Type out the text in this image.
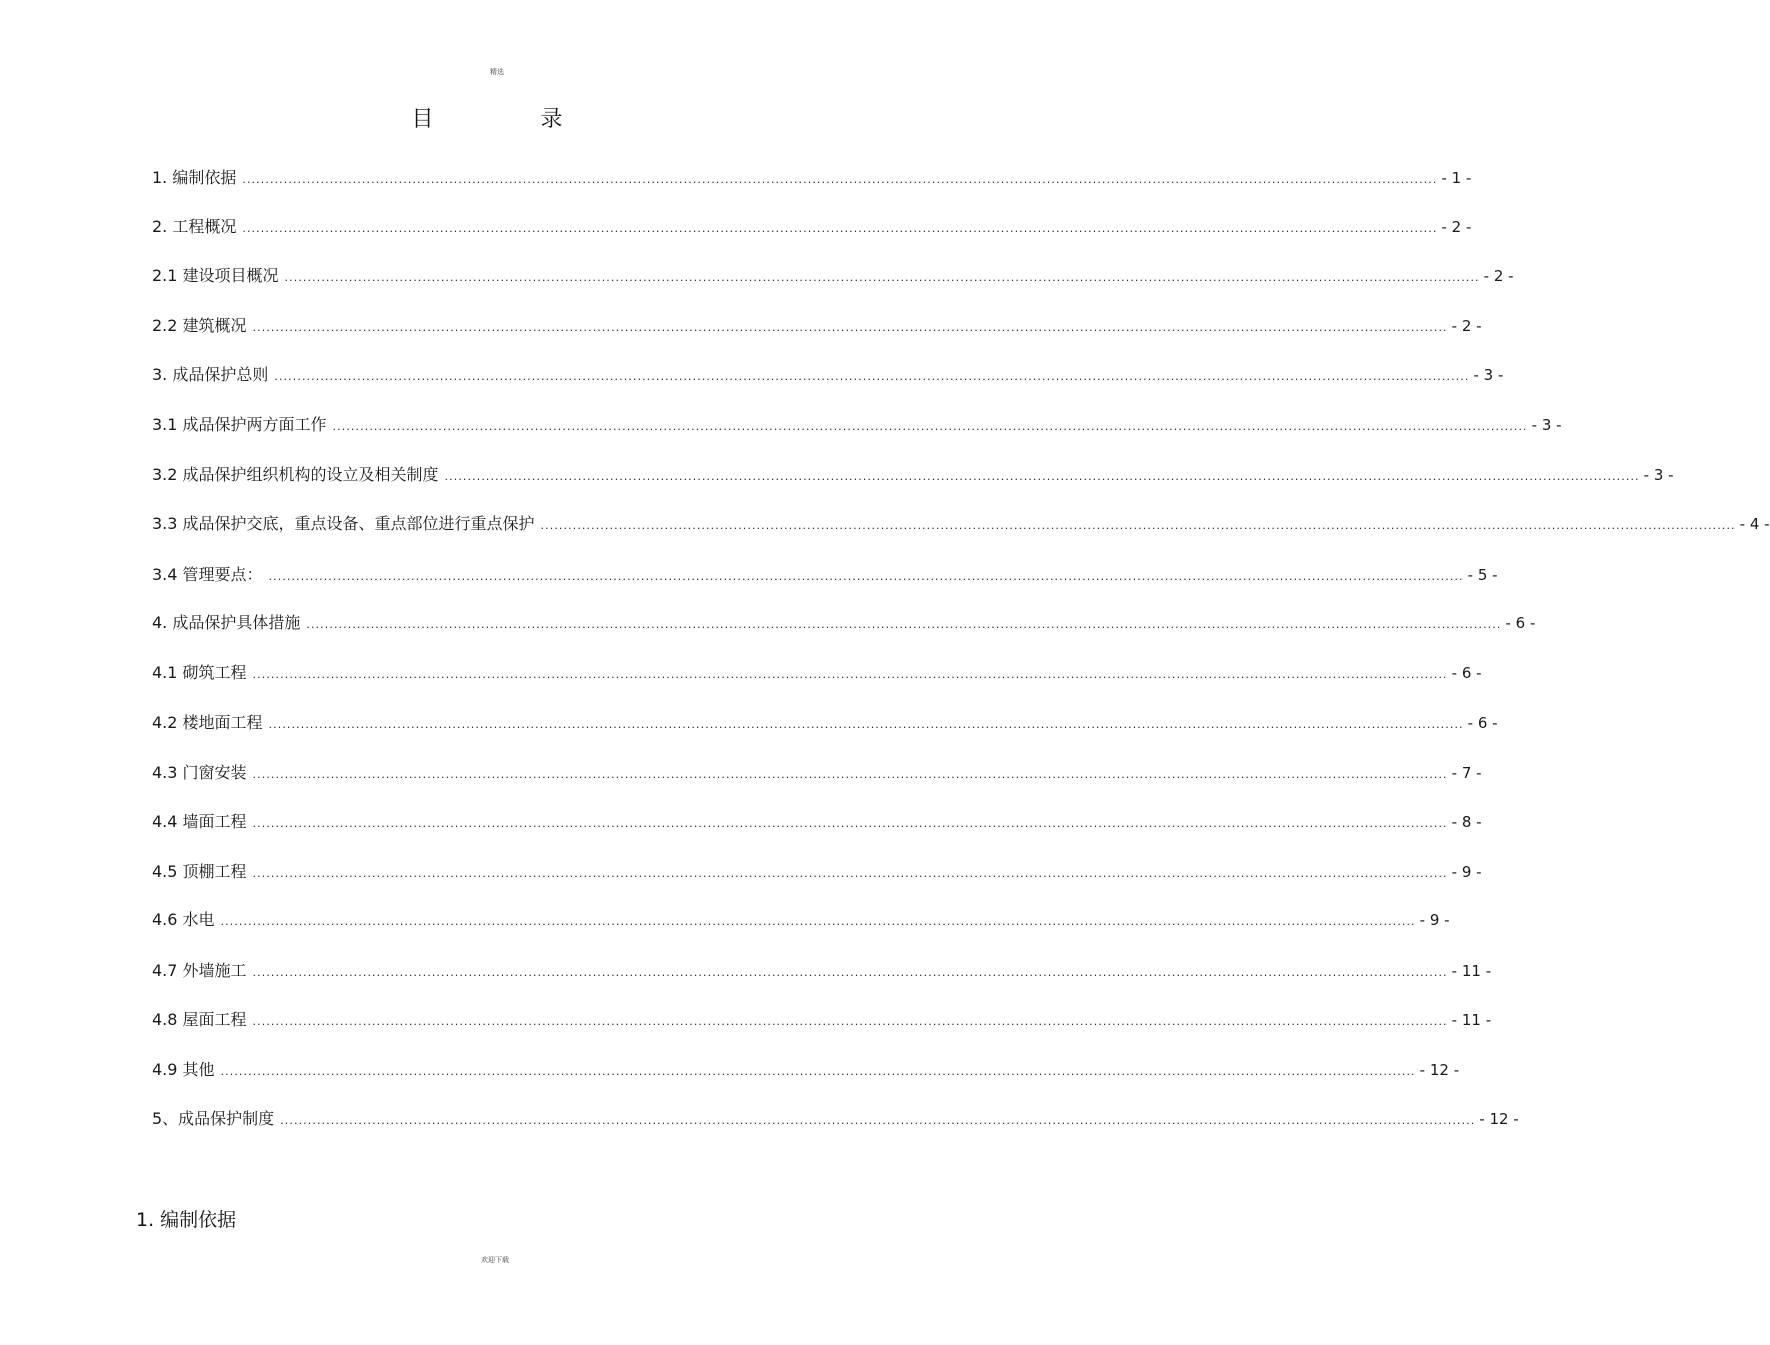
精选
目 录
1. 编制依据 .................................................................................................................................................................................................................................................................... - 1 -
2. 工程概况 .................................................................................................................................................................................................................................................................... - 2 -
2.1 建设项目概况 .................................................................................................................................................................................................................................................................... - 2 -
2.2 建筑概况 .................................................................................................................................................................................................................................................................... - 2 -
3. 成品保护总则 .................................................................................................................................................................................................................................................................... - 3 -
3.1 成品保护两方面工作 .................................................................................................................................................................................................................................................................... - 3 -
3.2 成品保护组织机构的设立及相关制度 .................................................................................................................................................................................................................................................................... - 3 -
3.3 成品保护交底，重点设备、重点部位进行重点保护 .................................................................................................................................................................................................................................................................... - 4 -
3.4 管理要点： .................................................................................................................................................................................................................................................................... - 5 -
4. 成品保护具体措施 .................................................................................................................................................................................................................................................................... - 6 -
4.1 砌筑工程 .................................................................................................................................................................................................................................................................... - 6 -
4.2 楼地面工程 .................................................................................................................................................................................................................................................................... - 6 -
4.3 门窗安装 .................................................................................................................................................................................................................................................................... - 7 -
4.4 墙面工程 .................................................................................................................................................................................................................................................................... - 8 -
4.5 顶棚工程 .................................................................................................................................................................................................................................................................... - 9 -
4.6 水电 .................................................................................................................................................................................................................................................................... - 9 -
4.7 外墙施工 .................................................................................................................................................................................................................................................................... - 11 -
4.8 屋面工程 .................................................................................................................................................................................................................................................................... - 11 -
4.9 其他 .................................................................................................................................................................................................................................................................... - 12 -
5、成品保护制度 .................................................................................................................................................................................................................................................................... - 12 -
1. 编制依据
欢迎下载
